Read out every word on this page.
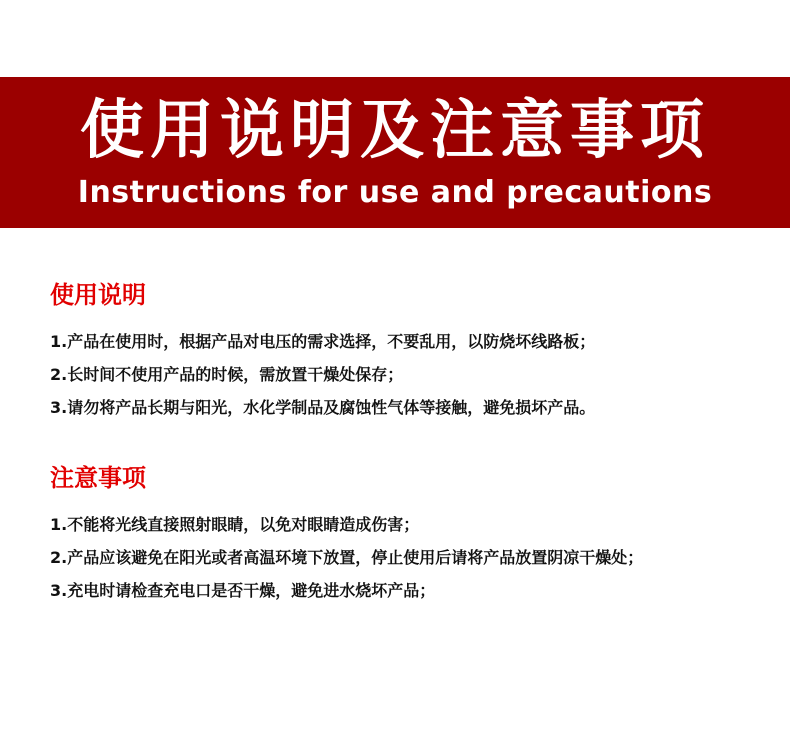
使用说明及注意事项
Instructions for use and precautions
使用说明
1.产品在使用时，根据产品对电压的需求选择，不要乱用，以防烧坏线路板；
2.长时间不使用产品的时候，需放置干燥处保存；
3.请勿将产品长期与阳光，水化学制品及腐蚀性气体等接触，避免损坏产品。
注意事项
1.不能将光线直接照射眼睛，以免对眼睛造成伤害；
2.产品应该避免在阳光或者高温环境下放置，停止使用后请将产品放置阴凉干燥处；
3.充电时请检查充电口是否干燥，避免进水烧坏产品；
